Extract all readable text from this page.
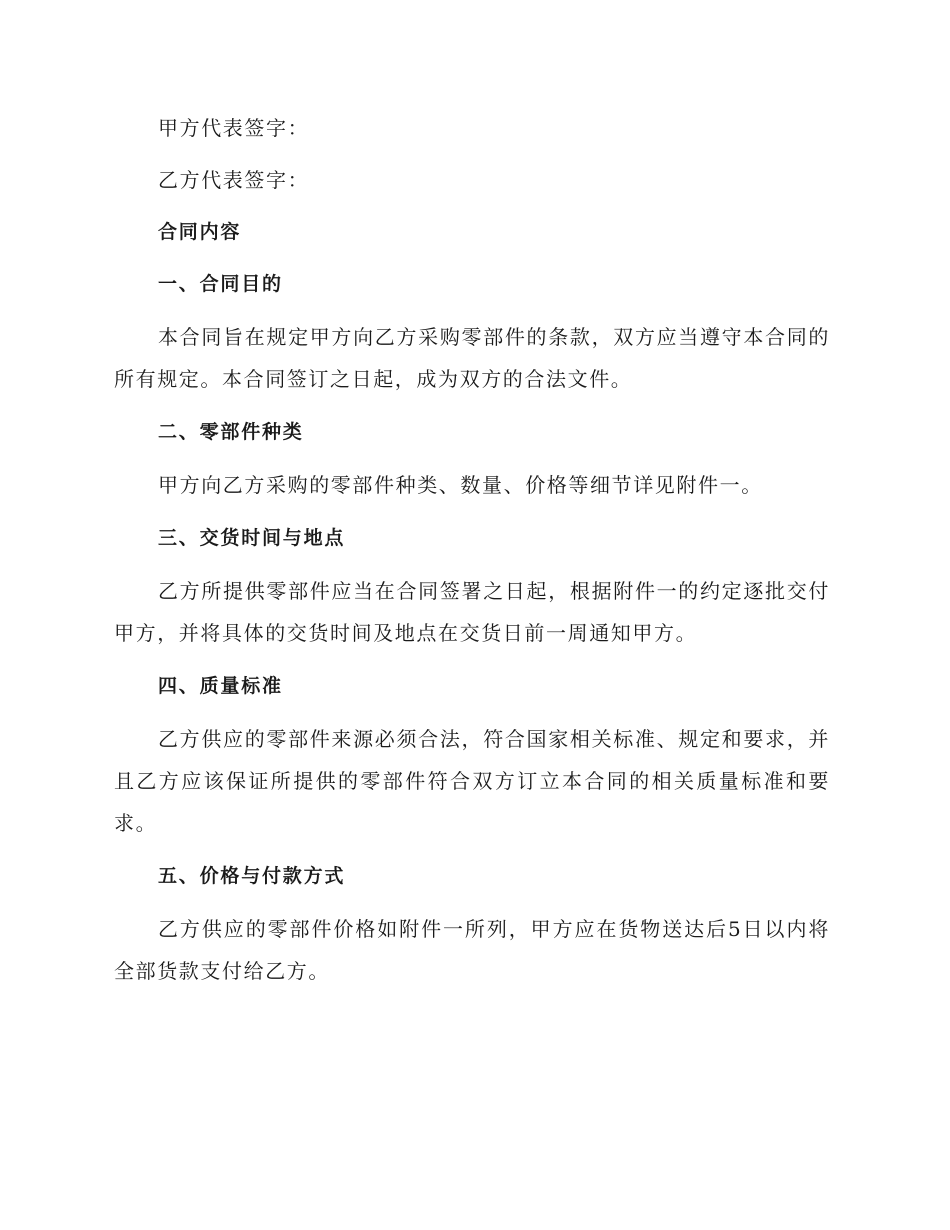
甲方代表签字：

乙方代表签字：

合同内容

一、合同目的

本合同旨在规定甲方向乙方采购零部件的条款，双方应当遵守本合同的所有规定。本合同签订之日起，成为双方的合法文件。

二、零部件种类

甲方向乙方采购的零部件种类、数量、价格等细节详见附件一。

三、交货时间与地点

乙方所提供零部件应当在合同签署之日起，根据附件一的约定逐批交付甲方，并将具体的交货时间及地点在交货日前一周通知甲方。

四、质量标准

乙方供应的零部件来源必须合法，符合国家相关标准、规定和要求，并且乙方应该保证所提供的零部件符合双方订立本合同的相关质量标准和要求。

五、价格与付款方式

乙方供应的零部件价格如附件一所列，甲方应在货物送达后5日以内将全部货款支付给乙方。
